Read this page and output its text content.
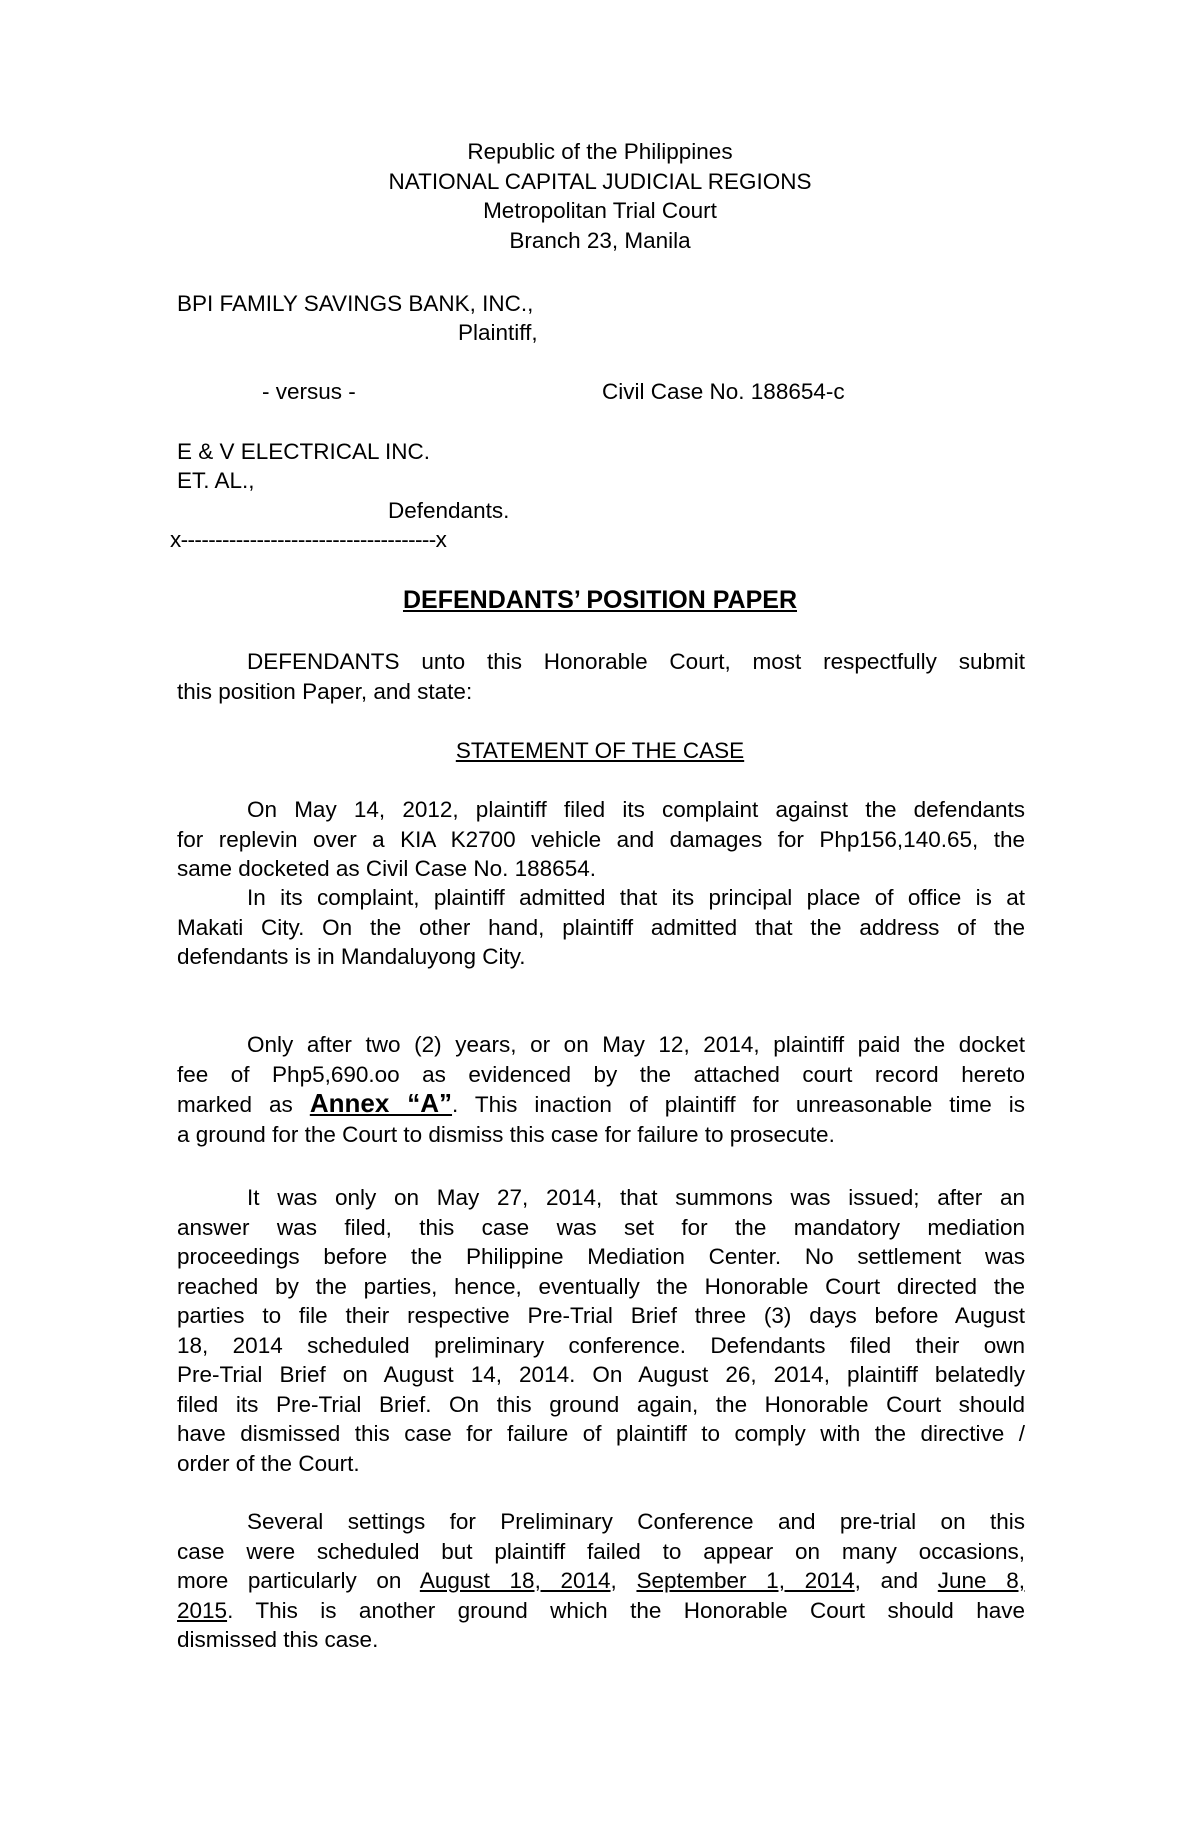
Republic of the Philippines
NATIONAL CAPITAL JUDICIAL REGIONS
Metropolitan Trial Court
Branch 23, Manila
BPI FAMILY SAVINGS BANK, INC.,
Plaintiff,
- versus -	Civil Case No. 188654-c
E & V ELECTRICAL INC.
ET. AL.,
Defendants.
x-------------------------------------x
DEFENDANTS’ POSITION PAPER
DEFENDANTS unto this Honorable Court, most respectfully submit
this position Paper, and state:
STATEMENT OF THE CASE
On May 14, 2012, plaintiff filed its complaint against the defendants
for replevin over a KIA K2700 vehicle and damages for Php156,140.65, the
same docketed as Civil Case No. 188654.
In its complaint, plaintiff admitted that its principal place of office is at
Makati City. On the other hand, plaintiff admitted that the address of the
defendants is in Mandaluyong City.
Only after two (2) years, or on May 12, 2014, plaintiff paid the docket
fee of Php5,690.oo as evidenced by the attached court record hereto
marked as Annex “A”. This inaction of plaintiff for unreasonable time is
a ground for the Court to dismiss this case for failure to prosecute.
It was only on May 27, 2014, that summons was issued; after an
answer was filed, this case was set for the mandatory mediation
proceedings before the Philippine Mediation Center. No settlement was
reached by the parties, hence, eventually the Honorable Court directed the
parties to file their respective Pre-Trial Brief three (3) days before August
18, 2014 scheduled preliminary conference. Defendants filed their own
Pre-Trial Brief on August 14, 2014. On August 26, 2014, plaintiff belatedly
filed its Pre-Trial Brief. On this ground again, the Honorable Court should
have dismissed this case for failure of plaintiff to comply with the directive /
order of the Court.
Several settings for Preliminary Conference and pre-trial on this
case were scheduled but plaintiff failed to appear on many occasions,
more particularly on August 18, 2014, September 1, 2014, and June 8,
2015. This is another ground which the Honorable Court should have
dismissed this case.
